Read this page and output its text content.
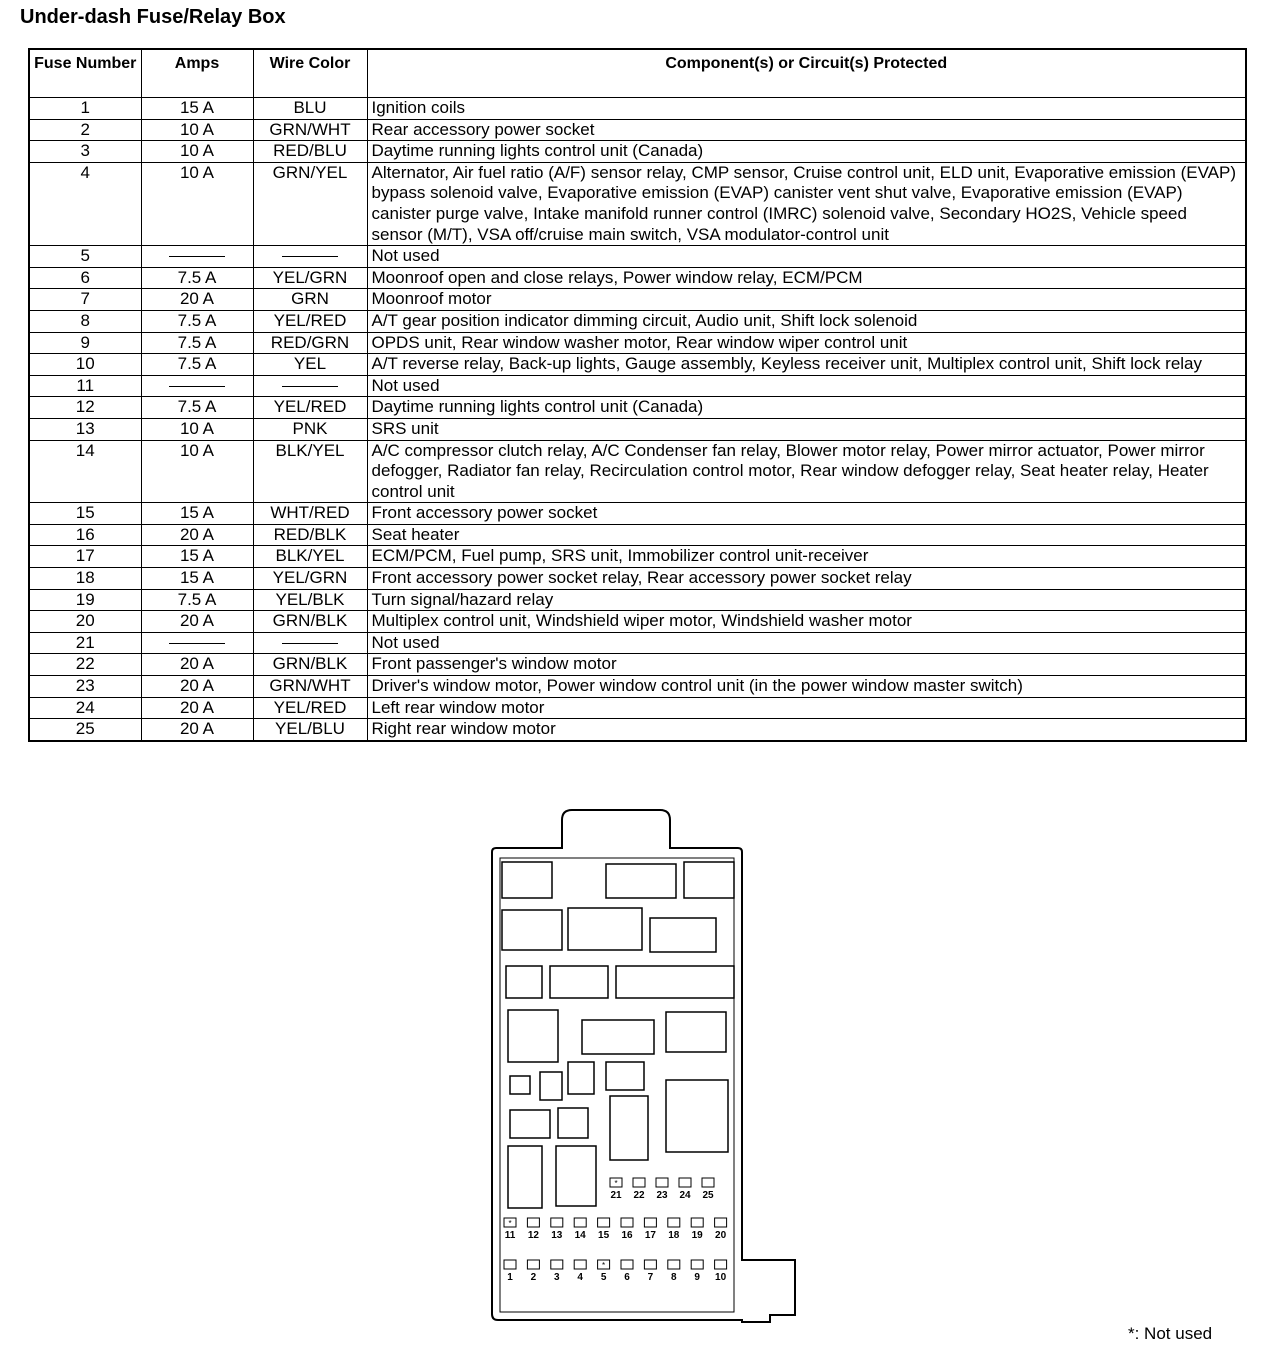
Under-dash Fuse/Relay Box
Fuse Number	Amps	Wire Color	Component(s) or Circuit(s) Protected
1	15 A	BLU	Ignition coils
2	10 A	GRN/WHT	Rear accessory power socket
3	10 A	RED/BLU	Daytime running lights control unit (Canada)
4	10 A	GRN/YEL	Alternator, Air fuel ratio (A/F) sensor relay, CMP sensor, Cruise control unit, ELD unit, Evaporative emission (EVAP) bypass solenoid valve, Evaporative emission (EVAP) canister vent shut valve, Evaporative emission (EVAP) canister purge valve, Intake manifold runner control (IMRC) solenoid valve, Secondary HO2S, Vehicle speed sensor (M/T), VSA off/cruise main switch, VSA modulator-control unit
5			Not used
6	7.5 A	YEL/GRN	Moonroof open and close relays, Power window relay, ECM/PCM
7	20 A	GRN	Moonroof motor
8	7.5 A	YEL/RED	A/T gear position indicator dimming circuit, Audio unit, Shift lock solenoid
9	7.5 A	RED/GRN	OPDS unit, Rear window washer motor, Rear window wiper control unit
10	7.5 A	YEL	A/T reverse relay, Back-up lights, Gauge assembly, Keyless receiver unit, Multiplex control unit, Shift lock relay
11			Not used
12	7.5 A	YEL/RED	Daytime running lights control unit (Canada)
13	10 A	PNK	SRS unit
14	10 A	BLK/YEL	A/C compressor clutch relay, A/C Condenser fan relay, Blower motor relay, Power mirror actuator, Power mirror defogger, Radiator fan relay, Recirculation control motor, Rear window defogger relay, Seat heater relay, Heater control unit
15	15 A	WHT/RED	Front accessory power socket
16	20 A	RED/BLK	Seat heater
17	15 A	BLK/YEL	ECM/PCM, Fuel pump, SRS unit, Immobilizer control unit-receiver
18	15 A	YEL/GRN	Front accessory power socket relay, Rear accessory power socket relay
19	7.5 A	YEL/BLK	Turn signal/hazard relay
20	20 A	GRN/BLK	Multiplex control unit, Windshield wiper motor, Windshield washer motor
21			Not used
22	20 A	GRN/BLK	Front passenger's window motor
23	20 A	GRN/WHT	Driver's window motor, Power window control unit (in the power window master switch)
24	20 A	YEL/RED	Left rear window motor
25	20 A	YEL/BLU	Right rear window motor
*
21 22 23 24 25
*
11 12 13 14 15 16 17 18 19 20
1 2 3 4
*
5 6 7 8 9 10
*: Not used
